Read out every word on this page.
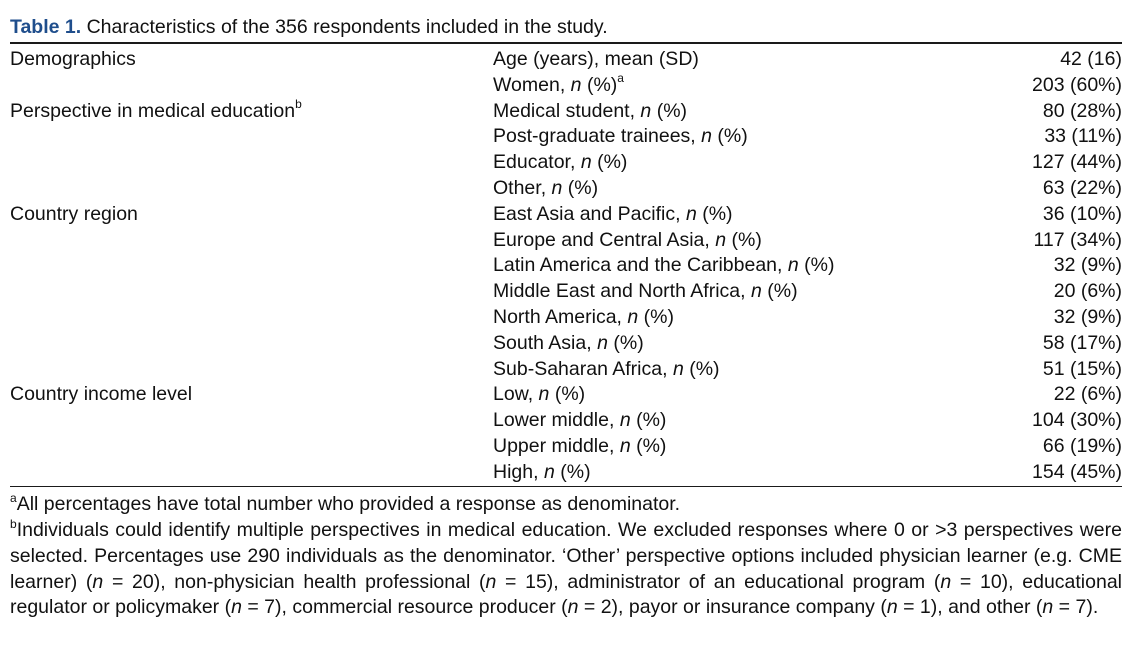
Table 1. Characteristics of the 356 respondents included in the study.
Demographics	Age (years), mean (SD)	42 (16)
	Women, n (%)$^a$	203 (60%)
Perspective in medical education$^b$	Medical student, n (%)	80 (28%)
	Post-graduate trainees, n (%)	33 (11%)
	Educator, n (%)	127 (44%)
	Other, n (%)	63 (22%)
Country region	East Asia and Pacific, n (%)	36 (10%)
	Europe and Central Asia, n (%)	117 (34%)
	Latin America and the Caribbean, n (%)	32 (9%)
	Middle East and North Africa, n (%)	20 (6%)
	North America, n (%)	32 (9%)
	South Asia, n (%)	58 (17%)
	Sub-Saharan Africa, n (%)	51 (15%)
Country income level	Low, n (%)	22 (6%)
	Lower middle, n (%)	104 (30%)
	Upper middle, n (%)	66 (19%)
	High, n (%)	154 (45%)
$^a$All percentages have total number who provided a response as denominator.

$^b$Individuals could identify multiple perspectives in medical education. We excluded responses where 0 or >3 perspectives were selected. Percentages use 290 individuals as the denominator. ‘Other’ perspective options included physician learner (e.g. CME learner) (n = 20), non-physician health professional (n = 15), administrator of an educational program (n = 10), educational regulator or policymaker (n = 7), commercial resource producer (n = 2), payor or insurance company (n = 1), and other (n = 7).
